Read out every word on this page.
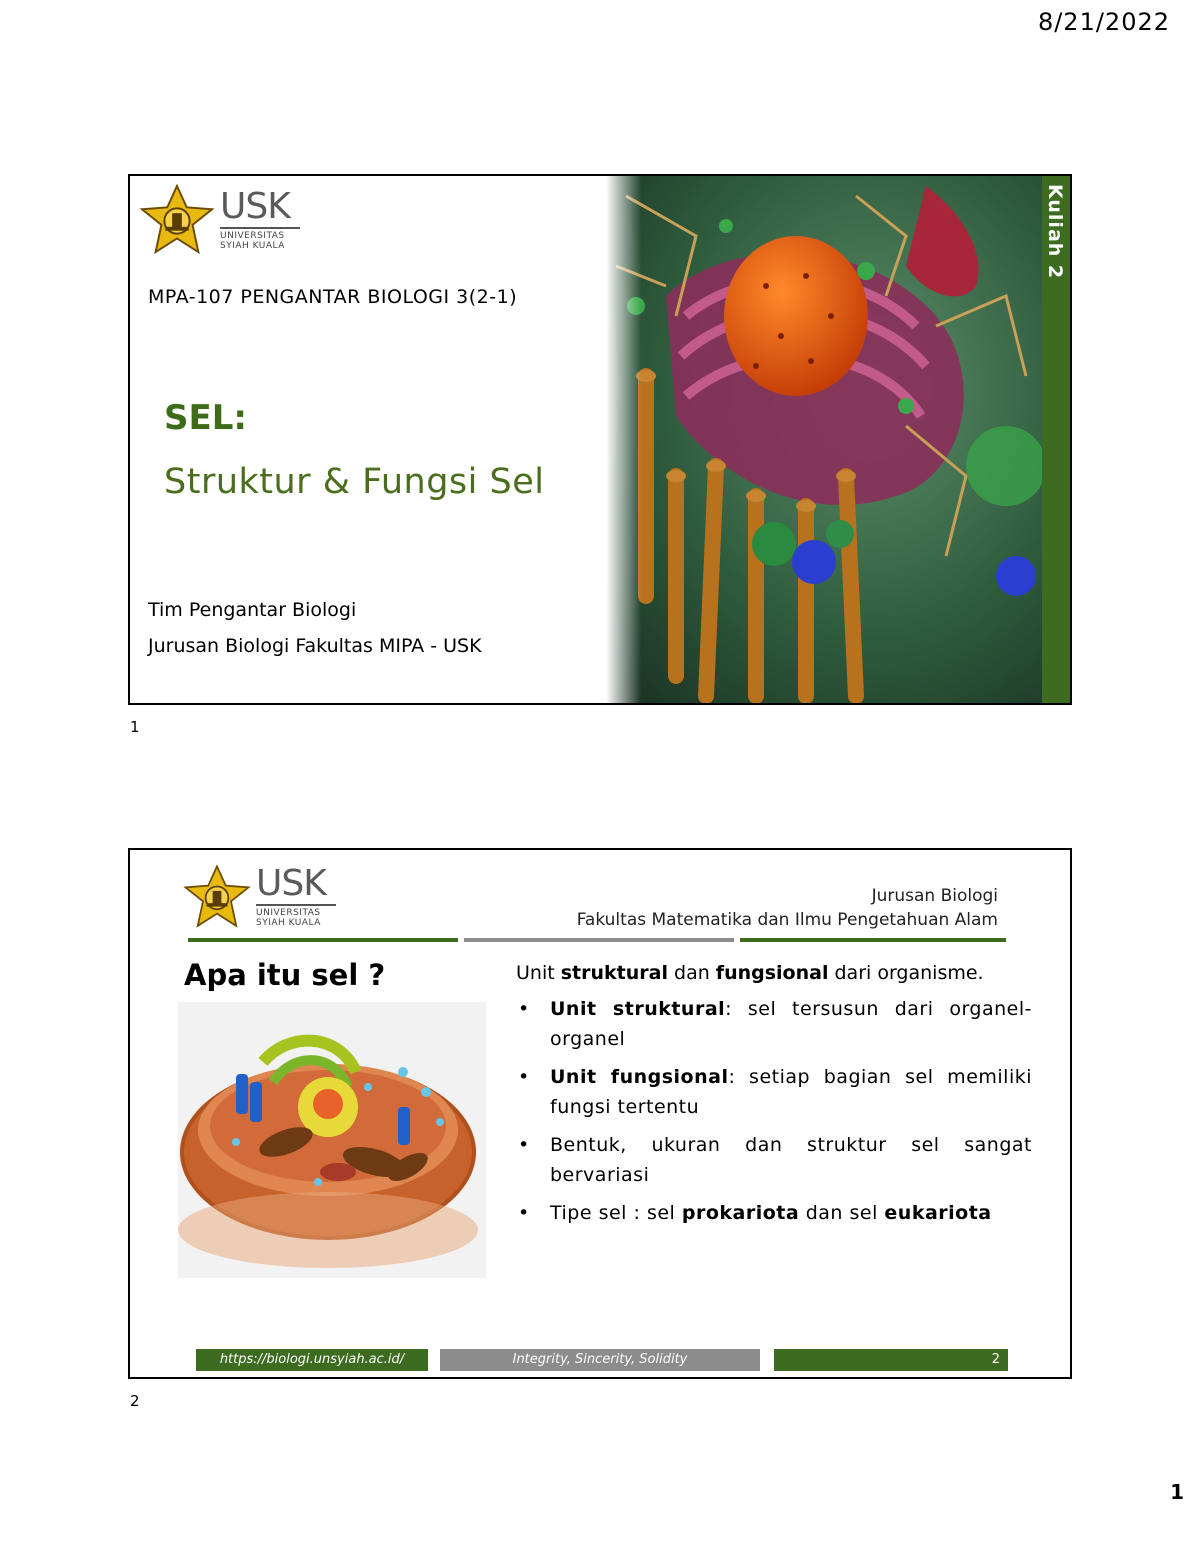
8/21/2022
USK
UNIVERSITAS
SYIAH KUALA
MPA-107 PENGANTAR BIOLOGI 3(2-1)
SEL:
Struktur & Fungsi Sel
Tim Pengantar Biologi
Jurusan Biologi Fakultas MIPA - USK
Kuliah 2
1
USK
UNIVERSITAS
SYIAH KUALA
Jurusan Biologi
Fakultas Matematika dan Ilmu Pengetahuan Alam
Apa itu sel ?	Unit struktural dan fungsional dari organisme.

• Unit struktural: sel tersusun dari organel-organel
• Unit fungsional: setiap bagian sel memiliki fungsi tertentu
• Bentuk, ukuran dan struktur sel sangat bervariasi
• Tipe sel : sel prokariota dan sel eukariota
https://biologi.unsyiah.ac.id/	Integrity, Sincerity, Solidity	2
2
1
